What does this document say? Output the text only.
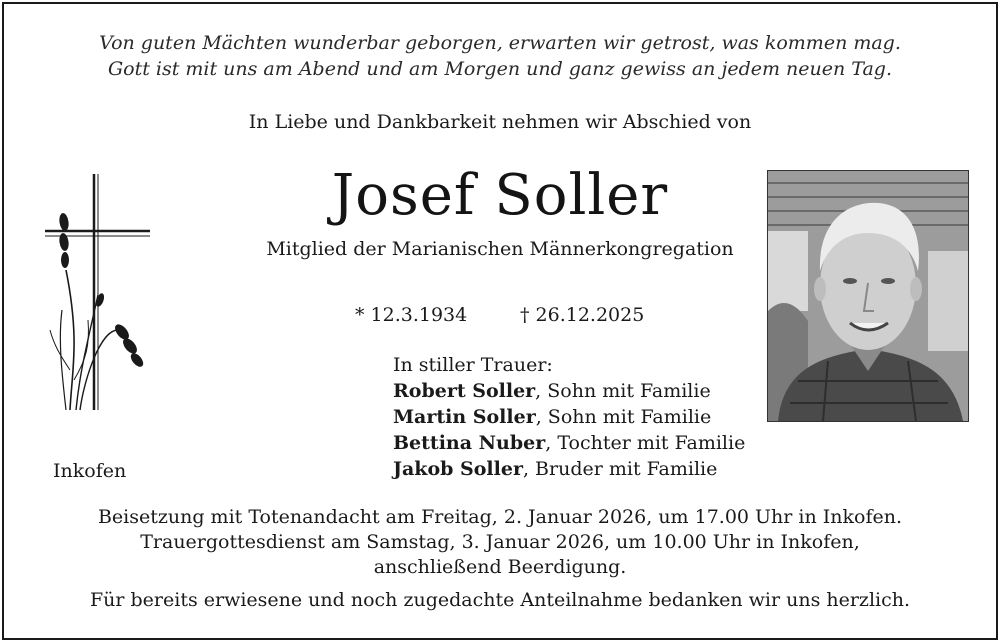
Von guten Mächten wunderbar geborgen, erwarten wir getrost, was kommen mag.
Gott ist mit uns am Abend und am Morgen und ganz gewiss an jedem neuen Tag.
In Liebe und Dankbarkeit nehmen wir Abschied von
Josef Soller
Mitglied der Marianischen Männerkongregation
* 12.3.1934	† 26.12.2025
Inkofen
In stiller Trauer:
Robert Soller, Sohn mit Familie
Martin Soller, Sohn mit Familie
Bettina Nuber, Tochter mit Familie
Jakob Soller, Bruder mit Familie
Beisetzung mit Totenandacht am Freitag, 2. Januar 2026, um 17.00 Uhr in Inkofen.
Trauergottesdienst am Samstag, 3. Januar 2026, um 10.00 Uhr in Inkofen,
anschließend Beerdigung.
Für bereits erwiesene und noch zugedachte Anteilnahme bedanken wir uns herzlich.
